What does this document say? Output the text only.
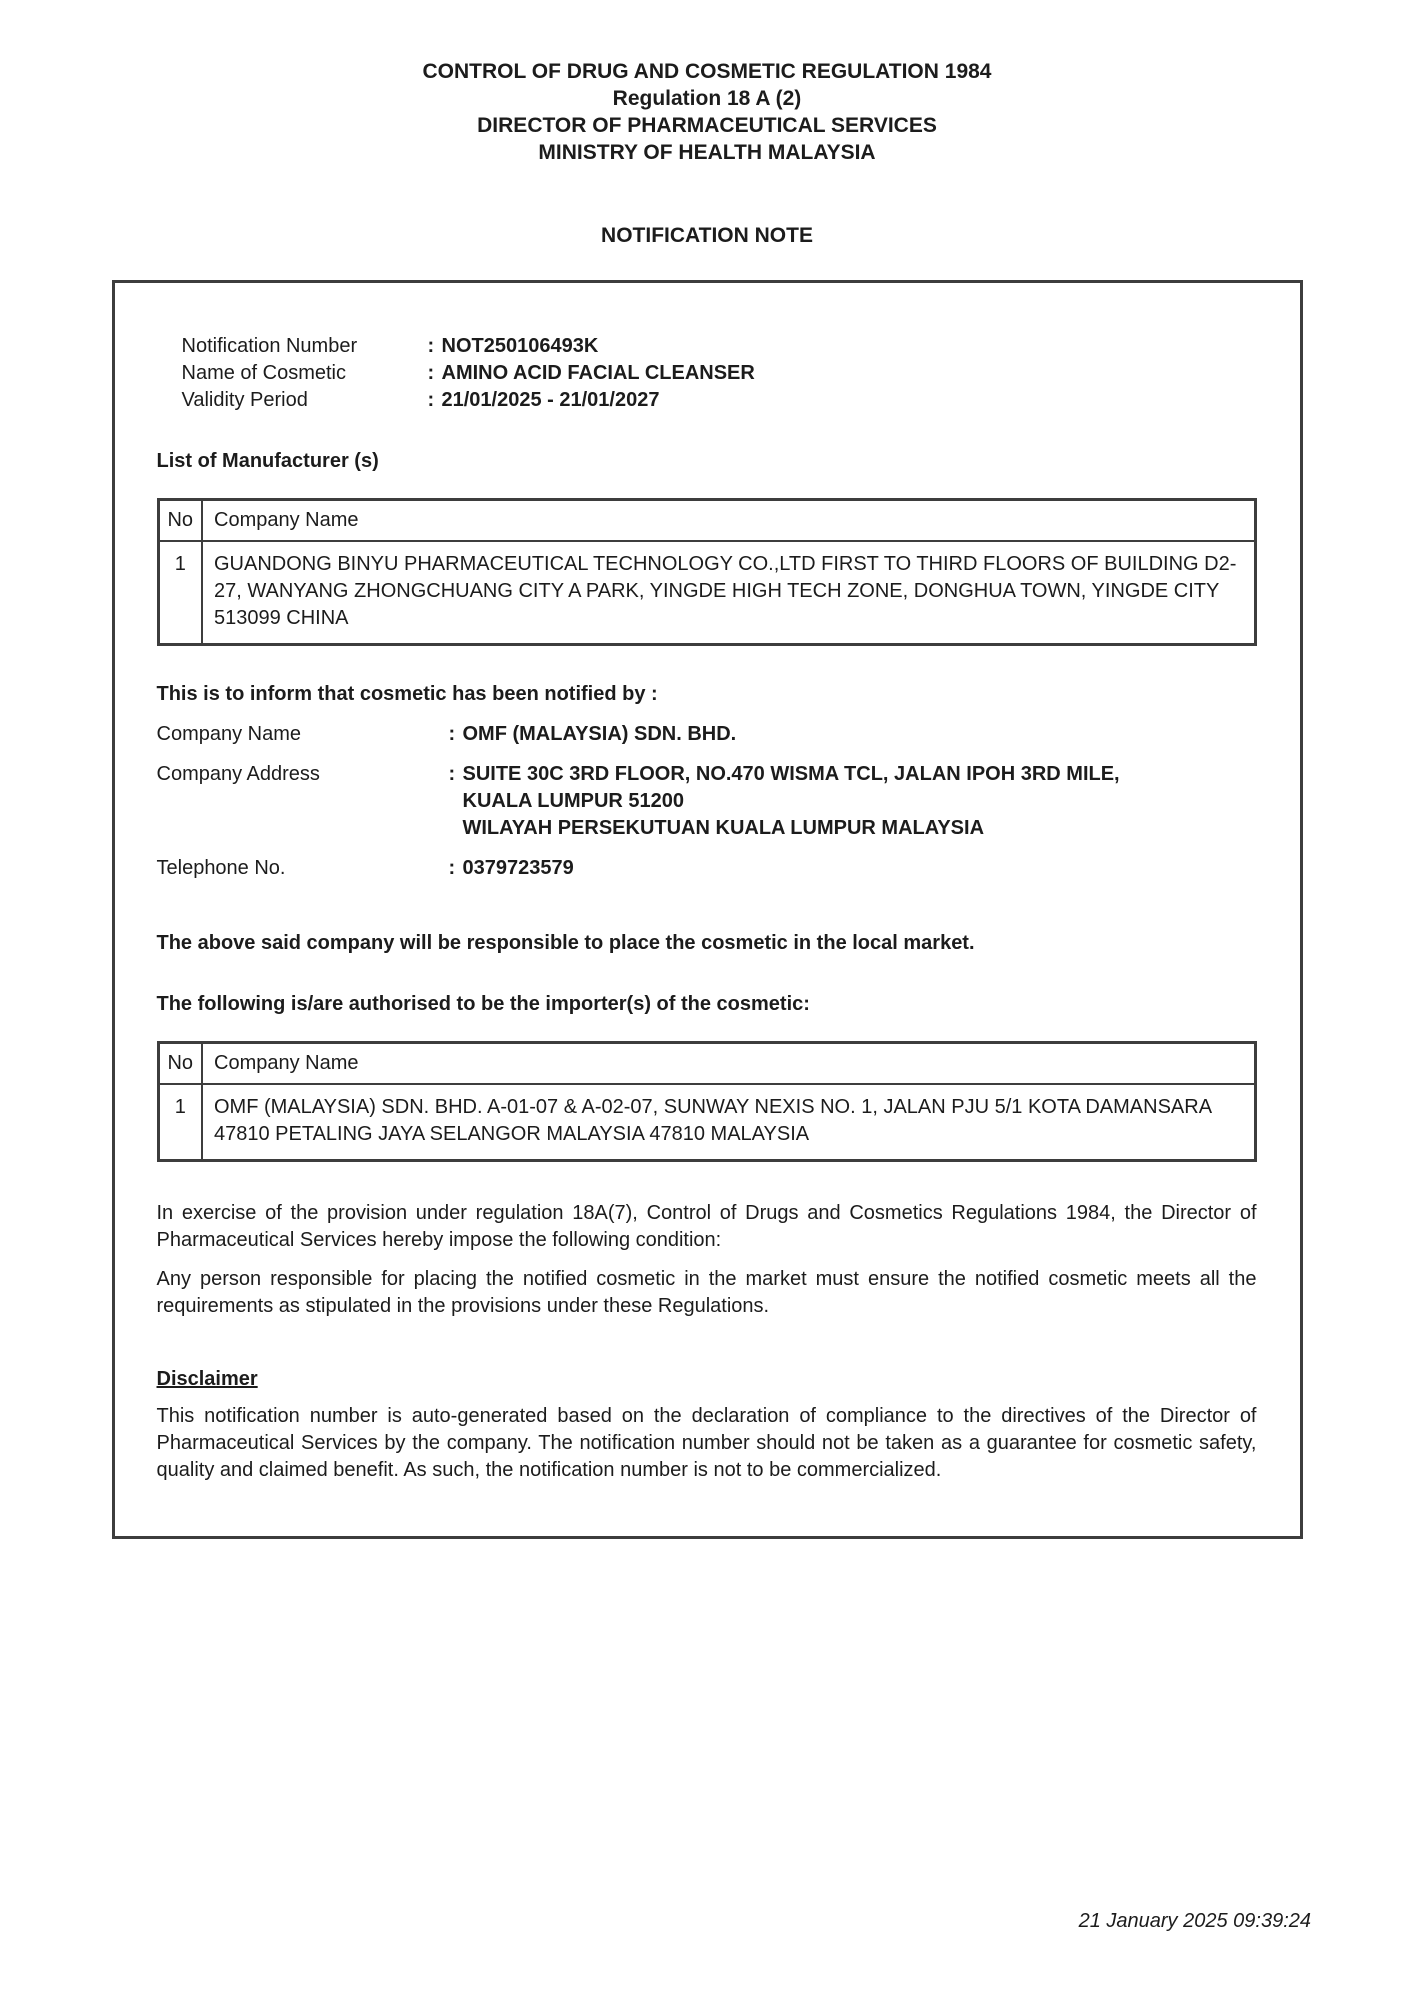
CONTROL OF DRUG AND COSMETIC REGULATION 1984
Regulation 18 A (2)
DIRECTOR OF PHARMACEUTICAL SERVICES
MINISTRY OF HEALTH MALAYSIA
NOTIFICATION NOTE
Notification Number	: NOT250106493K
Name of Cosmetic	: AMINO ACID FACIAL CLEANSER
Validity Period	: 21/01/2025 - 21/01/2027
List of Manufacturer (s)
No	Company Name
1	GUANDONG BINYU PHARMACEUTICAL TECHNOLOGY CO.,LTD FIRST TO THIRD FLOORS OF BUILDING D2-27, WANYANG ZHONGCHUANG CITY A PARK, YINGDE HIGH TECH ZONE, DONGHUA TOWN, YINGDE CITY 513099 CHINA
This is to inform that cosmetic has been notified by :
Company Name	: OMF (MALAYSIA) SDN. BHD.
Company Address	: SUITE 30C 3RD FLOOR, NO.470 WISMA TCL, JALAN IPOH 3RD MILE,
KUALA LUMPUR 51200
WILAYAH PERSEKUTUAN KUALA LUMPUR MALAYSIA
Telephone No.	: 0379723579
The above said company will be responsible to place the cosmetic in the local market.
The following is/are authorised to be the importer(s) of the cosmetic:
No	Company Name
1	OMF (MALAYSIA) SDN. BHD. A-01-07 & A-02-07, SUNWAY NEXIS NO. 1, JALAN PJU 5/1 KOTA DAMANSARA 47810 PETALING JAYA SELANGOR MALAYSIA 47810 MALAYSIA

In exercise of the provision under regulation 18A(7), Control of Drugs and Cosmetics Regulations 1984, the Director of Pharmaceutical Services hereby impose the following condition:

Any person responsible for placing the notified cosmetic in the market must ensure the notified cosmetic meets all the requirements as stipulated in the provisions under these Regulations.

Disclaimer

This notification number is auto-generated based on the declaration of compliance to the directives of the Director of Pharmaceutical Services by the company. The notification number should not be taken as a guarantee for cosmetic safety, quality and claimed benefit. As such, the notification number is not to be commercialized.

21 January 2025 09:39:24
